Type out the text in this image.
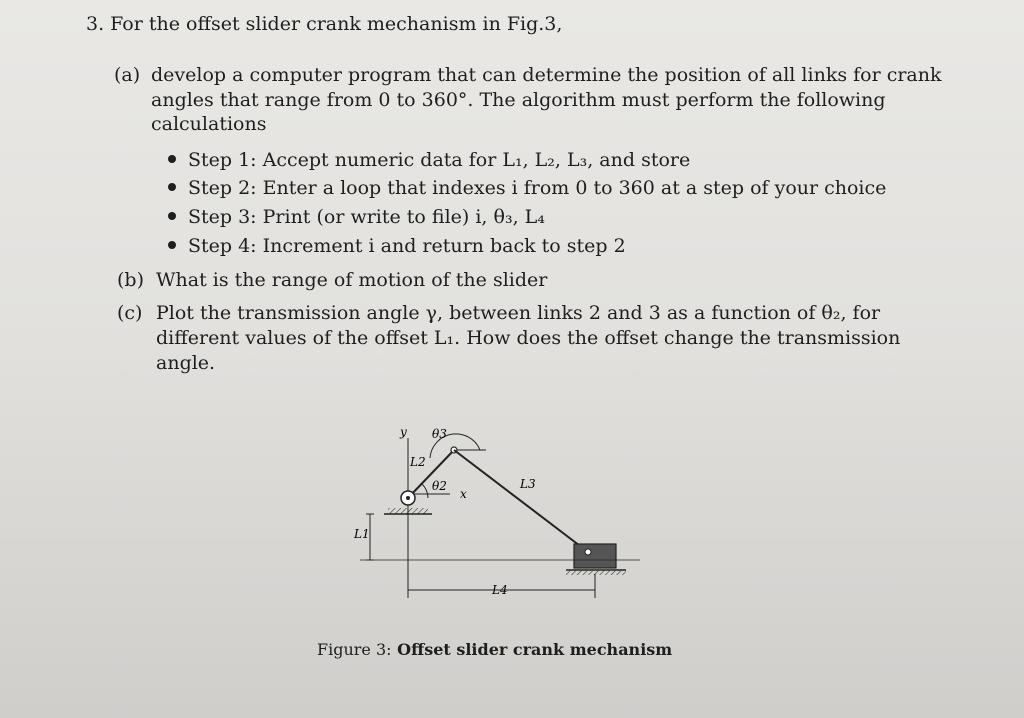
3. For the offset slider crank mechanism in Fig.3,
(a) develop a computer program that can determine the position of all links for crank
angles that range from 0 to 360°. The algorithm must perform the following
calculations
Step 1: Accept numeric data for L₁, L₂, L₃, and store
Step 2: Enter a loop that indexes i from 0 to 360 at a step of your choice
Step 3: Print (or write to file) i, θ₃, L₄
Step 4: Increment i and return back to step 2
(b) What is the range of motion of the slider
(c) Plot the transmission angle γ, between links 2 and 3 as a function of θ₂, for
different values of the offset L₁. How does the offset change the transmission
angle.
y θ3
L2
θ2
x
L3
L1
L4
Figure 3: Offset slider crank mechanism
